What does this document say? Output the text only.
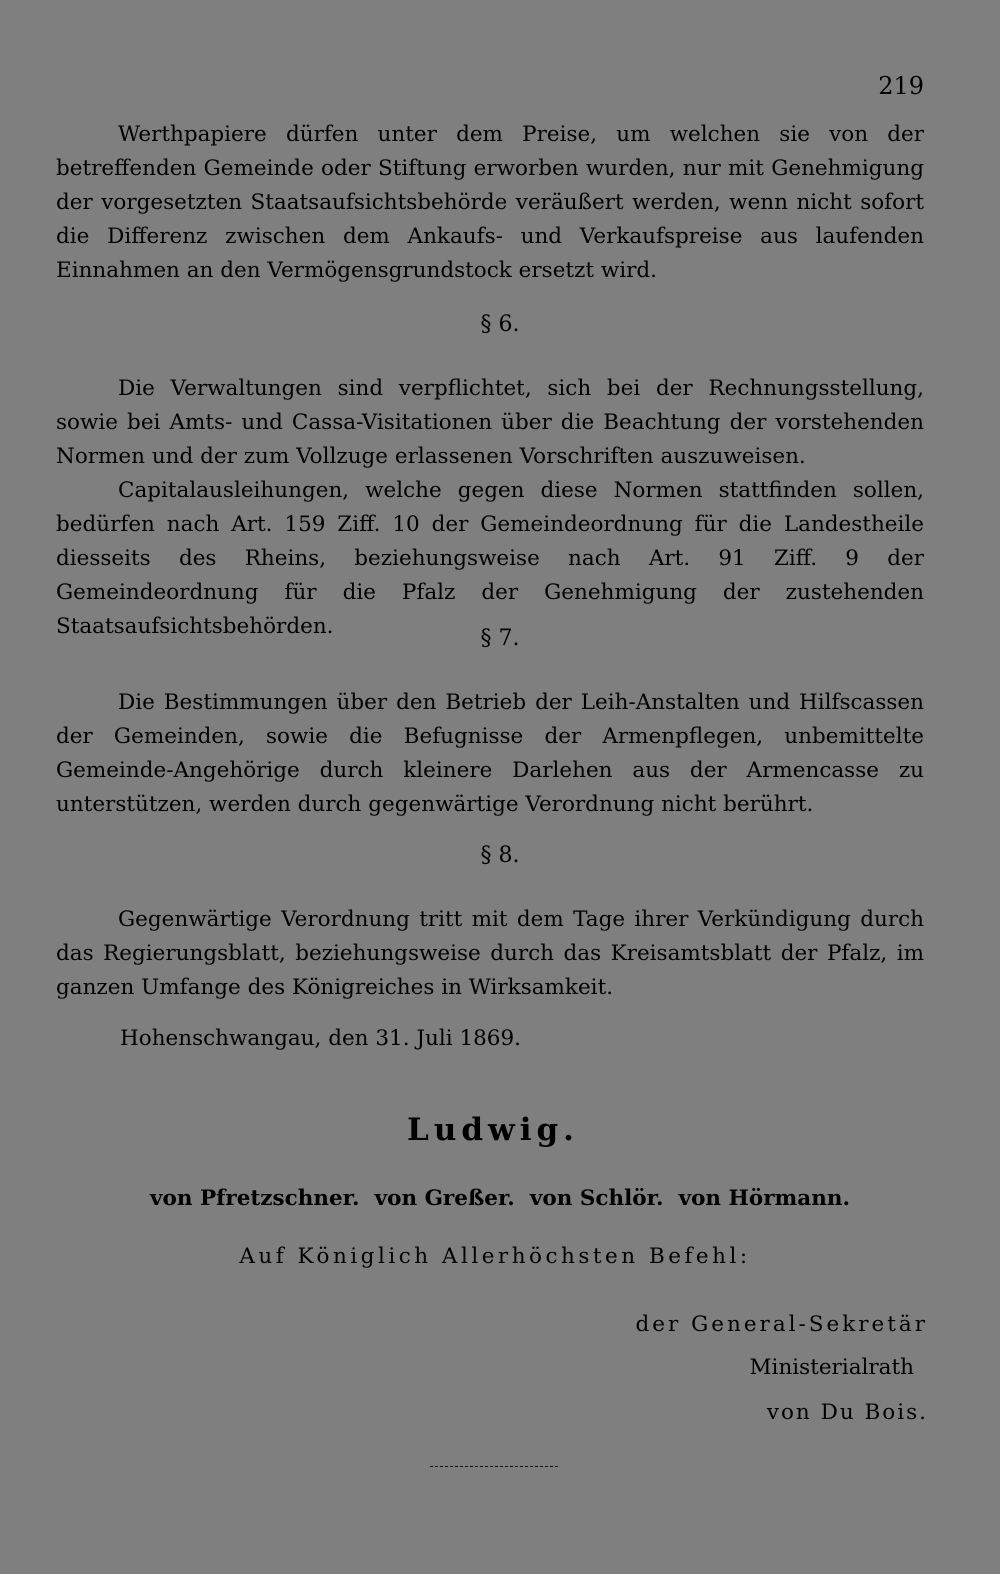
219

Werthpapiere dürfen unter dem Preise, um welchen sie von der betreffenden Gemeinde oder Stiftung erworben wurden, nur mit Genehmigung der vorgesetzten Staatsaufsichtsbehörde veräußert werden, wenn nicht sofort die Differenz zwischen dem Ankaufs- und Verkaufspreise aus laufenden Einnahmen an den Vermögensgrundstock ersetzt wird.

§ 6.

Die Verwaltungen sind verpflichtet, sich bei der Rechnungsstellung, sowie bei Amts- und Cassa-Visitationen über die Beachtung der vorstehenden Normen und der zum Vollzuge erlassenen Vorschriften auszuweisen.

Capitalausleihungen, welche gegen diese Normen stattfinden sollen, bedürfen nach Art. 159 Ziff. 10 der Gemeindeordnung für die Landestheile diesseits des Rheins, beziehungsweise nach Art. 91 Ziff. 9 der Gemeindeordnung für die Pfalz der Genehmigung der zustehenden Staatsaufsichtsbehörden.	§ 7.

Die Bestimmungen über den Betrieb der Leih-Anstalten und Hilfscassen der Gemeinden, sowie die Befugnisse der Armenpflegen, unbemittelte Gemeinde-Angehörige durch kleinere Darlehen aus der Armencasse zu unterstützen, werden durch gegenwärtige Verordnung nicht berührt.

§ 8.

Gegenwärtige Verordnung tritt mit dem Tage ihrer Verkündigung durch das Regierungsblatt, beziehungsweise durch das Kreisamtsblatt der Pfalz, im ganzen Umfange des Königreiches in Wirksamkeit.

Hohenschwangau, den 31. Juli 1869.
Ludwig.
von Pfretzschner. von Greßer. von Schlör. von Hörmann.
Auf Königlich Allerhöchsten Befehl:
der General-Sekretär
Ministerialrath
von Du Bois.
